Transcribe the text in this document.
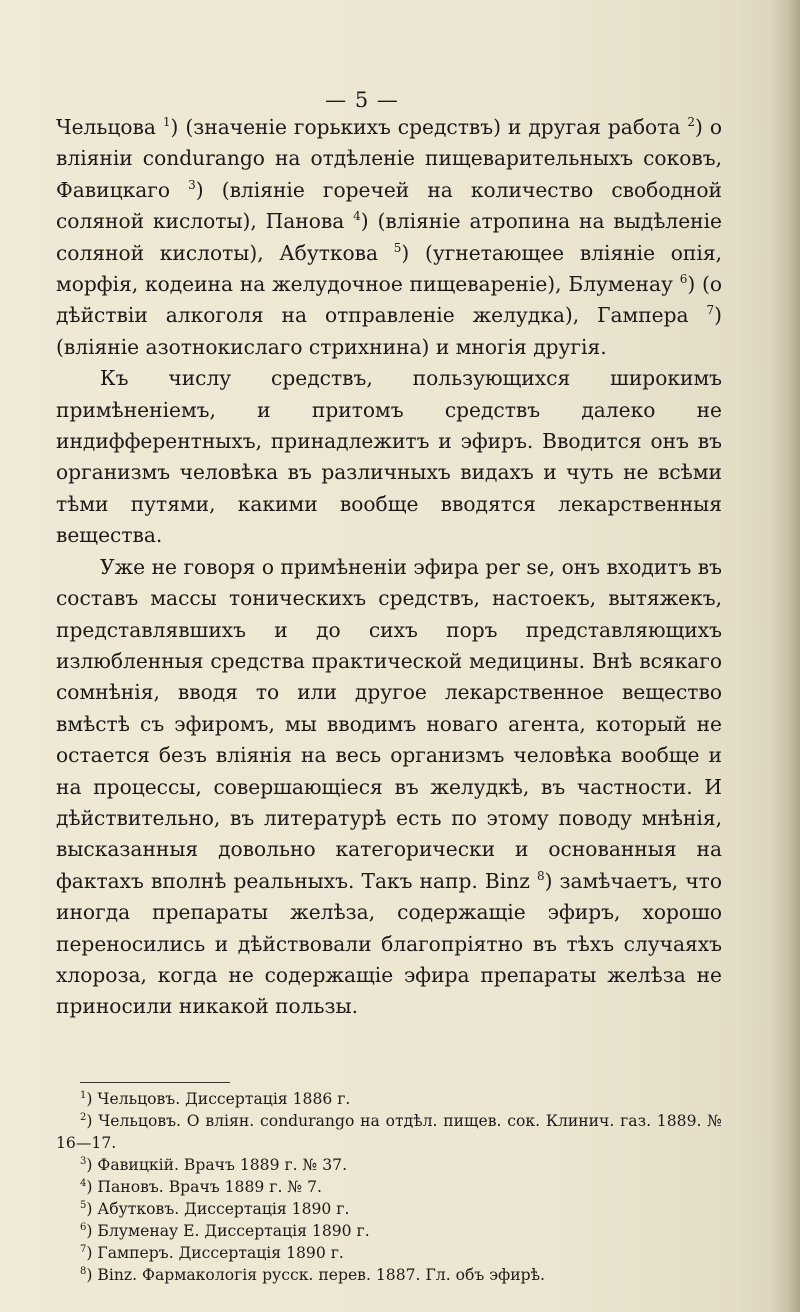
— 5 —

Чельцова $^1$) (значеніе горькихъ средствъ) и другая работа $^2$) о вліяніи condurango на отдѣленіе пищеварительныхъ соковъ, Фавицкаго $^3$) (вліяніе горечей на количество свободной соляной кислоты), Панова $^4$) (вліяніе атропина на выдѣленіе соляной кислоты), Абуткова $^5$) (угнетающее вліяніе опія, морфія, кодеина на желудочное пищевареніе), Блуменау $^6$) (о дѣйствіи алкоголя на отправленіе желудка), Гампера $^7$) (вліяніе азотнокислаго стрихнина) и многія другія.

Къ числу средствъ, пользующихся широкимъ примѣненіемъ, и притомъ средствъ далеко не индифферентныхъ, принадлежитъ и эфиръ. Вводится онъ въ организмъ человѣка въ различныхъ видахъ и чуть не всѣми тѣми путями, какими вообще вводятся лекарственныя вещества.

Уже не говоря о примѣненіи эфира per se, онъ входитъ въ составъ массы тоническихъ средствъ, настоекъ, вытяжекъ, представлявшихъ и до сихъ поръ представляющихъ излюбленныя средства практической медицины. Внѣ всякаго сомнѣнія, вводя то или другое лекарственное вещество вмѣстѣ съ эфиромъ, мы вводимъ новаго агента, который не остается безъ вліянія на весь организмъ человѣка вообще и на процессы, совершающіеся въ желудкѣ, въ частности. И дѣйствительно, въ литературѣ есть по этому поводу мнѣнія, высказанныя довольно категорически и основанныя на фактахъ вполнѣ реальныхъ. Такъ напр. Binz $^8$) замѣчаетъ, что иногда препараты желѣза, содержащіе эфиръ, хорошо переносились и дѣйствовали благопріятно въ тѣхъ случаяхъ хлороза, когда не содержащіе эфира препараты желѣза не приносили никакой пользы.

$^1$) Чельцовъ. Диссертація 1886 г.

$^2$) Чельцовъ. О вліян. condurango на отдѣл. пищев. сок. Клинич. газ. 1889. № 16—17.

$^3$) Фавицкій. Врачъ 1889 г. № 37.

$^4$) Пановъ. Врачъ 1889 г. № 7.

$^5$) Абутковъ. Диссертація 1890 г.

$^6$) Блуменау Е. Диссертація 1890 г.

$^7$) Гамперъ. Диссертація 1890 г.

$^8$) Binz. Фармакологія русск. перев. 1887. Гл. объ эфирѣ.
